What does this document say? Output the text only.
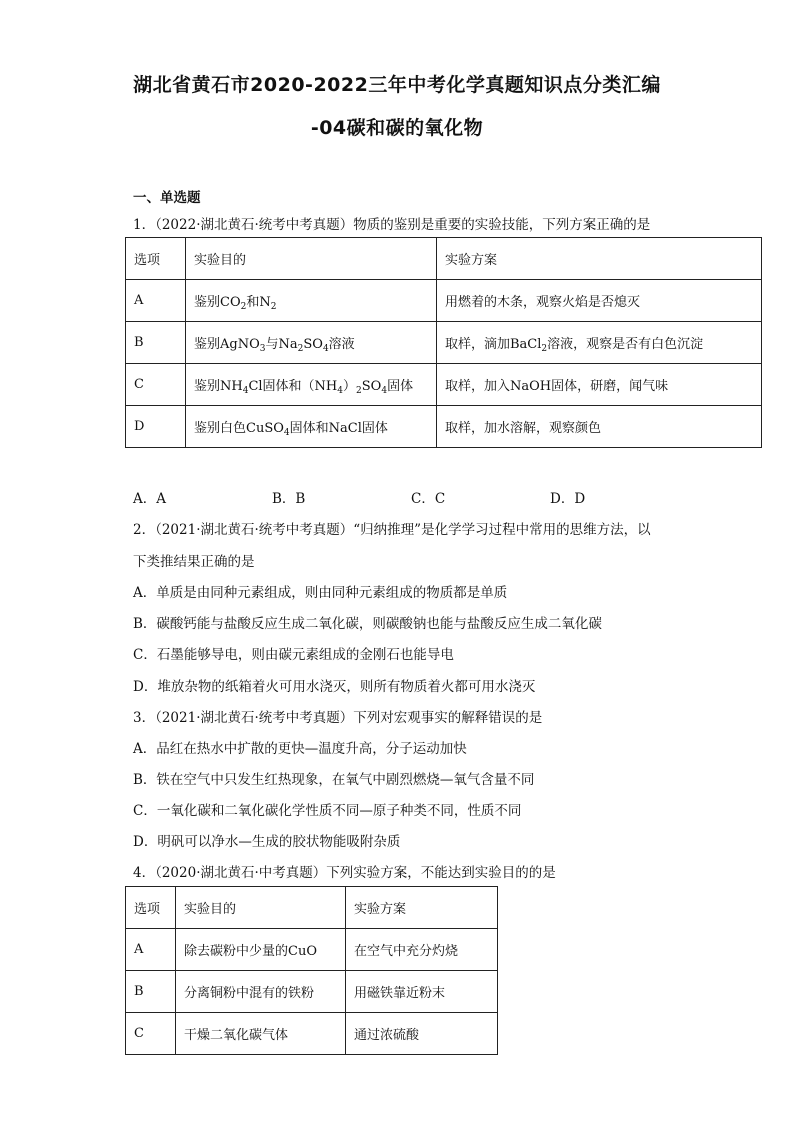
湖北省黄石市2020-2022三年中考化学真题知识点分类汇编
-04碳和碳的氧化物
一、单选题
1．（2022·湖北黄石·统考中考真题）物质的鉴别是重要的实验技能，下列方案正确的是
选项	实验目的	实验方案
A	鉴别$CO_2$和$N_2$	用燃着的木条，观察火焰是否熄灭
B	鉴别AgNO$_3$与$Na_2SO_4$溶液	取样，滴加BaCl$_2$溶液，观察是否有白色沉淀
C	鉴别$NH_4Cl$固体和$(NH_4)_2SO_4$固体	取样，加入NaOH固体，研磨，闻气味
D	鉴别白色CuSO$_4$固体和NaCl固体	取样，加水溶解，观察颜色
A．A	B．B	C．C	D．D
2．（2021·湖北黄石·统考中考真题）“归纳推理”是化学学习过程中常用的思维方法，以
下类推结果正确的是
A．单质是由同种元素组成，则由同种元素组成的物质都是单质
B．碳酸钙能与盐酸反应生成二氧化碳，则碳酸钠也能与盐酸反应生成二氧化碳
C．石墨能够导电，则由碳元素组成的金刚石也能导电
D．堆放杂物的纸箱着火可用水浇灭，则所有物质着火都可用水浇灭
3．（2021·湖北黄石·统考中考真题）下列对宏观事实的解释错误的是
A．品红在热水中扩散的更快—温度升高，分子运动加快
B．铁在空气中只发生红热现象，在氧气中剧烈燃烧—氧气含量不同
C．一氧化碳和二氧化碳化学性质不同—原子种类不同，性质不同
D．明矾可以净水—生成的胶状物能吸附杂质
4．（2020·湖北黄石·中考真题）下列实验方案，不能达到实验目的的是
选项	实验目的	实验方案
A	除去碳粉中少量的CuO	在空气中充分灼烧
B	分离铜粉中混有的铁粉	用磁铁靠近粉末
C	干燥二氧化碳气体	通过浓硫酸
